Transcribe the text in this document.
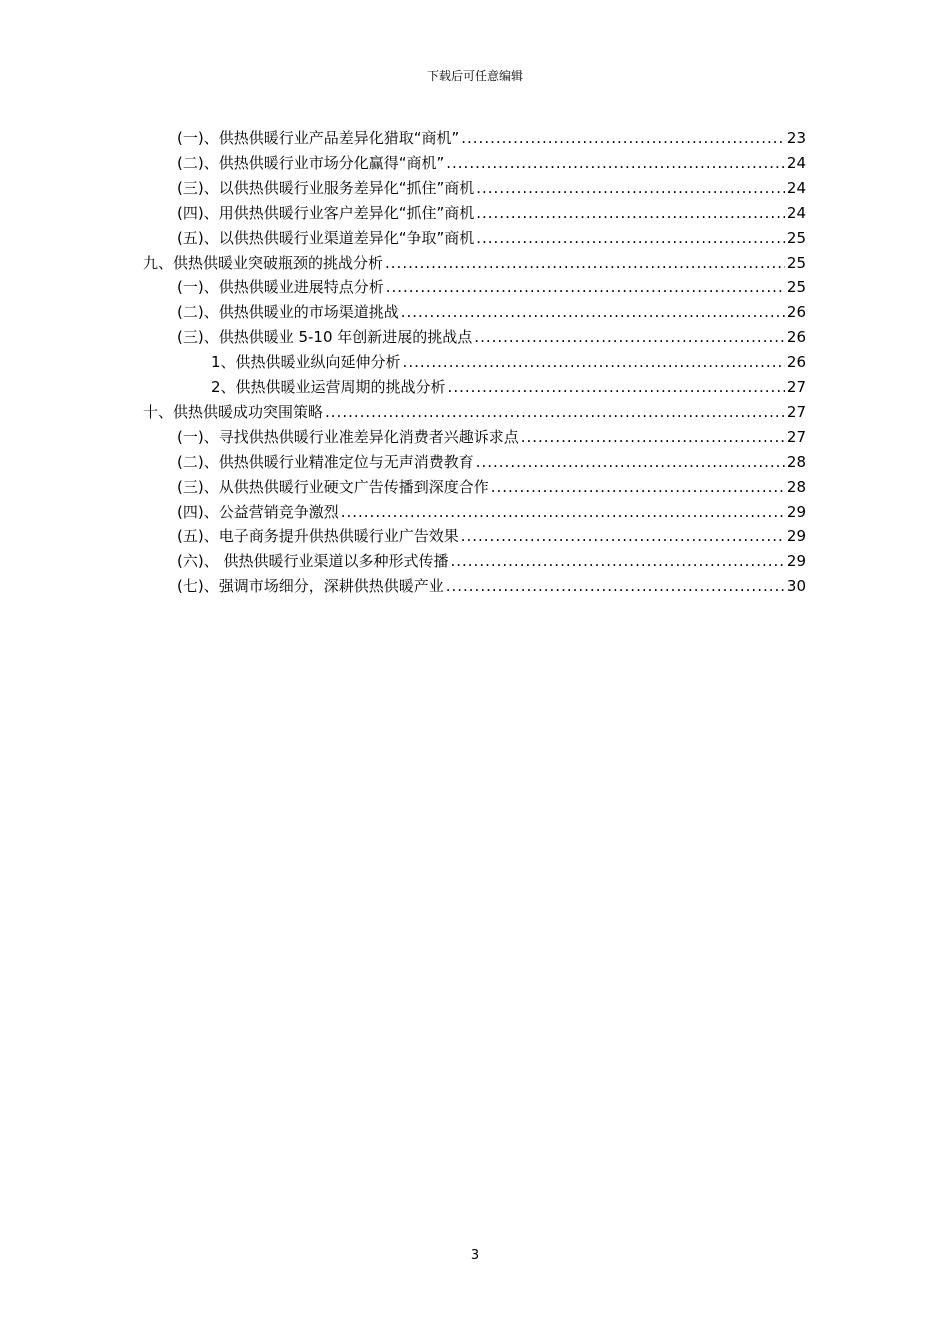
下载后可任意编辑
(一)、供热供暖行业产品差异化猎取“商机” .....	23
(二)、供热供暖行业市场分化赢得“商机” .....	24
(三)、以供热供暖行业服务差异化“抓住”商机 .....	24
(四)、用供热供暖行业客户差异化“抓住”商机 .....	24
(五)、以供热供暖行业渠道差异化“争取”商机 .....	25
九、供热供暖业突破瓶颈的挑战分析 .....	25
(一)、供热供暖业进展特点分析 .....	25
(二)、供热供暖业的市场渠道挑战 .....	26
(三)、供热供暖业 5-10 年创新进展的挑战点 .....	26
1、供热供暖业纵向延伸分析 .....	26
2、供热供暖业运营周期的挑战分析 .....	27
十、供热供暖成功突围策略 .....	27
(一)、寻找供热供暖行业准差异化消费者兴趣诉求点 .....	27
(二)、供热供暖行业精准定位与无声消费教育 .....	28
(三)、从供热供暖行业硬文广告传播到深度合作 .....	28
(四)、公益营销竞争激烈 .....	29
(五)、电子商务提升供热供暖行业广告效果 .....	29
(六)、 供热供暖行业渠道以多种形式传播 .....	29
(七)、强调市场细分，深耕供热供暖产业 .....	30
3
